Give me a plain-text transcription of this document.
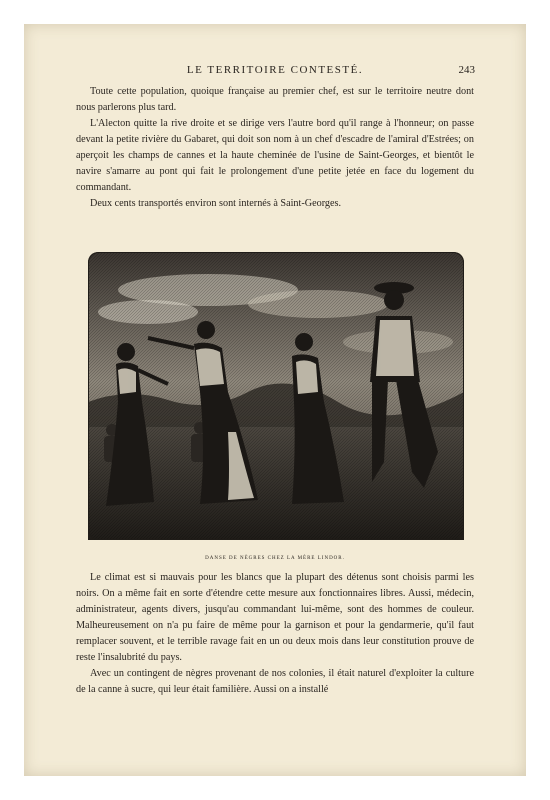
LE TERRITOIRE CONTESTÉ.	243

Toute cette population, quoique française au premier chef, est sur le territoire neutre dont nous parlerons plus tard.

L'Alecton quitte la rive droite et se dirige vers l'autre bord qu'il range à l'honneur; on passe devant la petite rivière du Gabaret, qui doit son nom à un chef d'escadre de l'amiral d'Estrées; on aperçoit les champs de cannes et la haute cheminée de l'usine de Saint-Georges, et bientôt le navire s'amarre au pont qui fait le prolongement d'une petite jetée en face du logement du commandant.

Deux cents transportés environ sont internés à Saint-Georges.

DANSE DE NÈGRES CHEZ LA MÈRE LINDOR.

Le climat est si mauvais pour les blancs que la plupart des détenus sont choisis parmi les noirs. On a même fait en sorte d'étendre cette mesure aux fonctionnaires libres. Aussi, médecin, administrateur, agents divers, jusqu'au commandant lui-même, sont des hommes de couleur. Malheureusement on n'a pu faire de même pour la garnison et pour la gendarmerie, qu'il faut remplacer souvent, et le terrible ravage fait en un ou deux mois dans leur constitution prouve de reste l'insalubrité du pays.

Avec un contingent de nègres provenant de nos colonies, il était naturel d'exploiter la culture de la canne à sucre, qui leur était familière. Aussi on a installé
